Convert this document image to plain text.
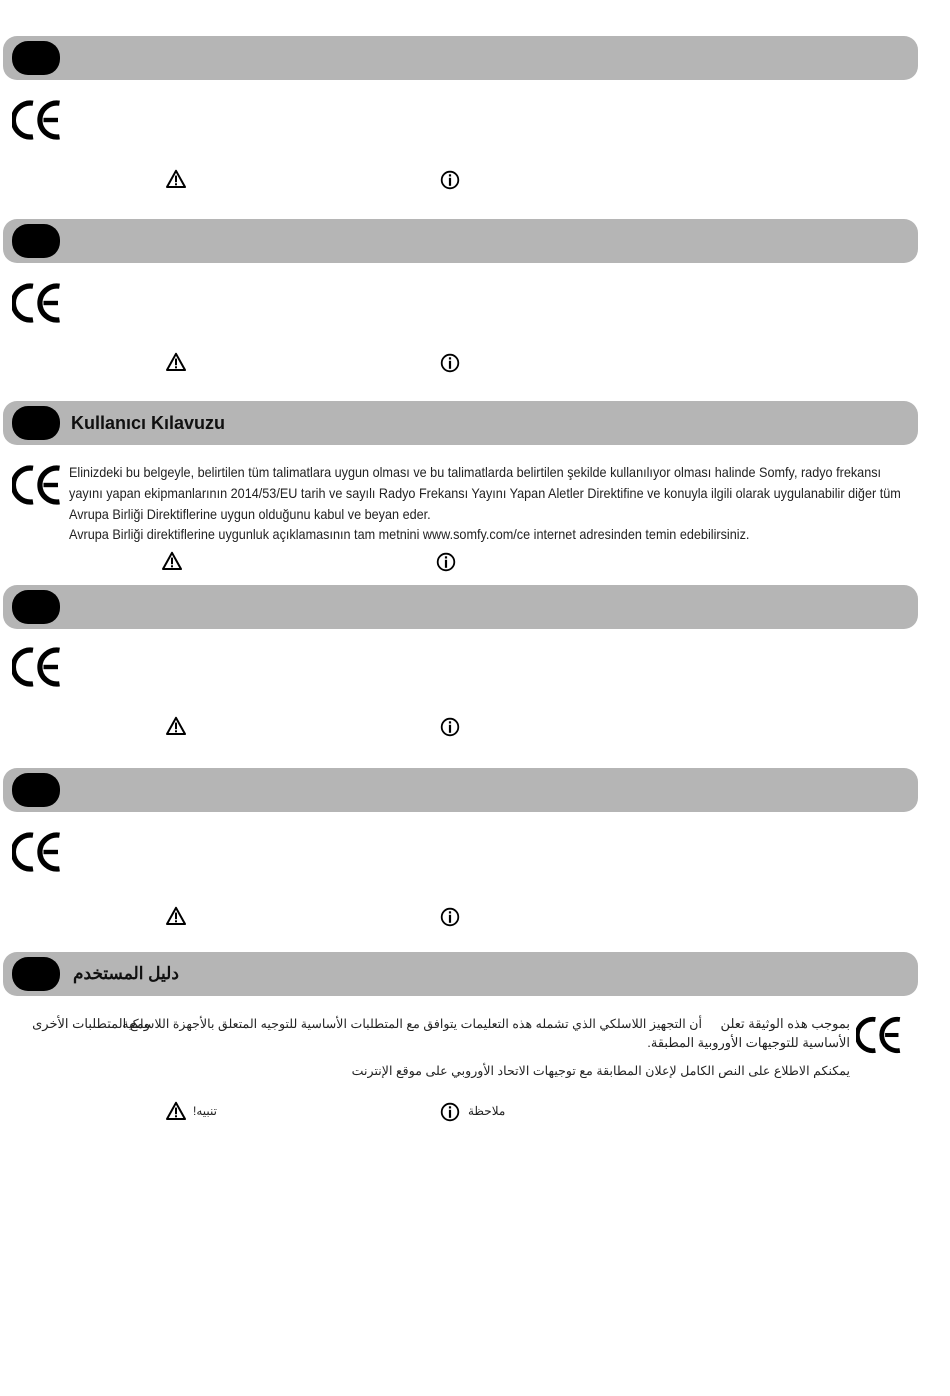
Kullanıcı Kılavuzu

Elinizdeki bu belgeyle, belirtilen tüm talimatlara uygun olması ve bu talimatlarda belirtilen şekilde kullanılıyor olması halinde Somfy, radyo frekansı yayını yapan ekipmanlarının 2014/53/EU tarih ve sayılı Radyo Frekansı Yayını Yapan Aletler Direktifine ve konuyla ilgili olarak uygulanabilir diğer tüm Avrupa Birliği Direktiflerine uygun olduğunu kabul ve beyan eder.

Avrupa Birliği direktiflerine uygunluk açıklamasının tam metnini www.somfy.com/ce internet adresinden temin edebilirsiniz.

دليل المستخدم
بموجب هذه الوثيقة تعلن
أن التجهيز اللاسلكي الذي تشمله هذه التعليمات يتوافق مع المتطلبات الأساسية للتوجيه المتعلق بالأجهزة اللاسلكية
ومع المتطلبات الأخرى
الأساسية للتوجيهات الأوروبية المطبقة.
يمكنكم الاطلاع على النص الكامل لإعلان المطابقة مع توجيهات الاتحاد الأوروبي على موقع الإنترنت
تنبيه!	ملاحظة
